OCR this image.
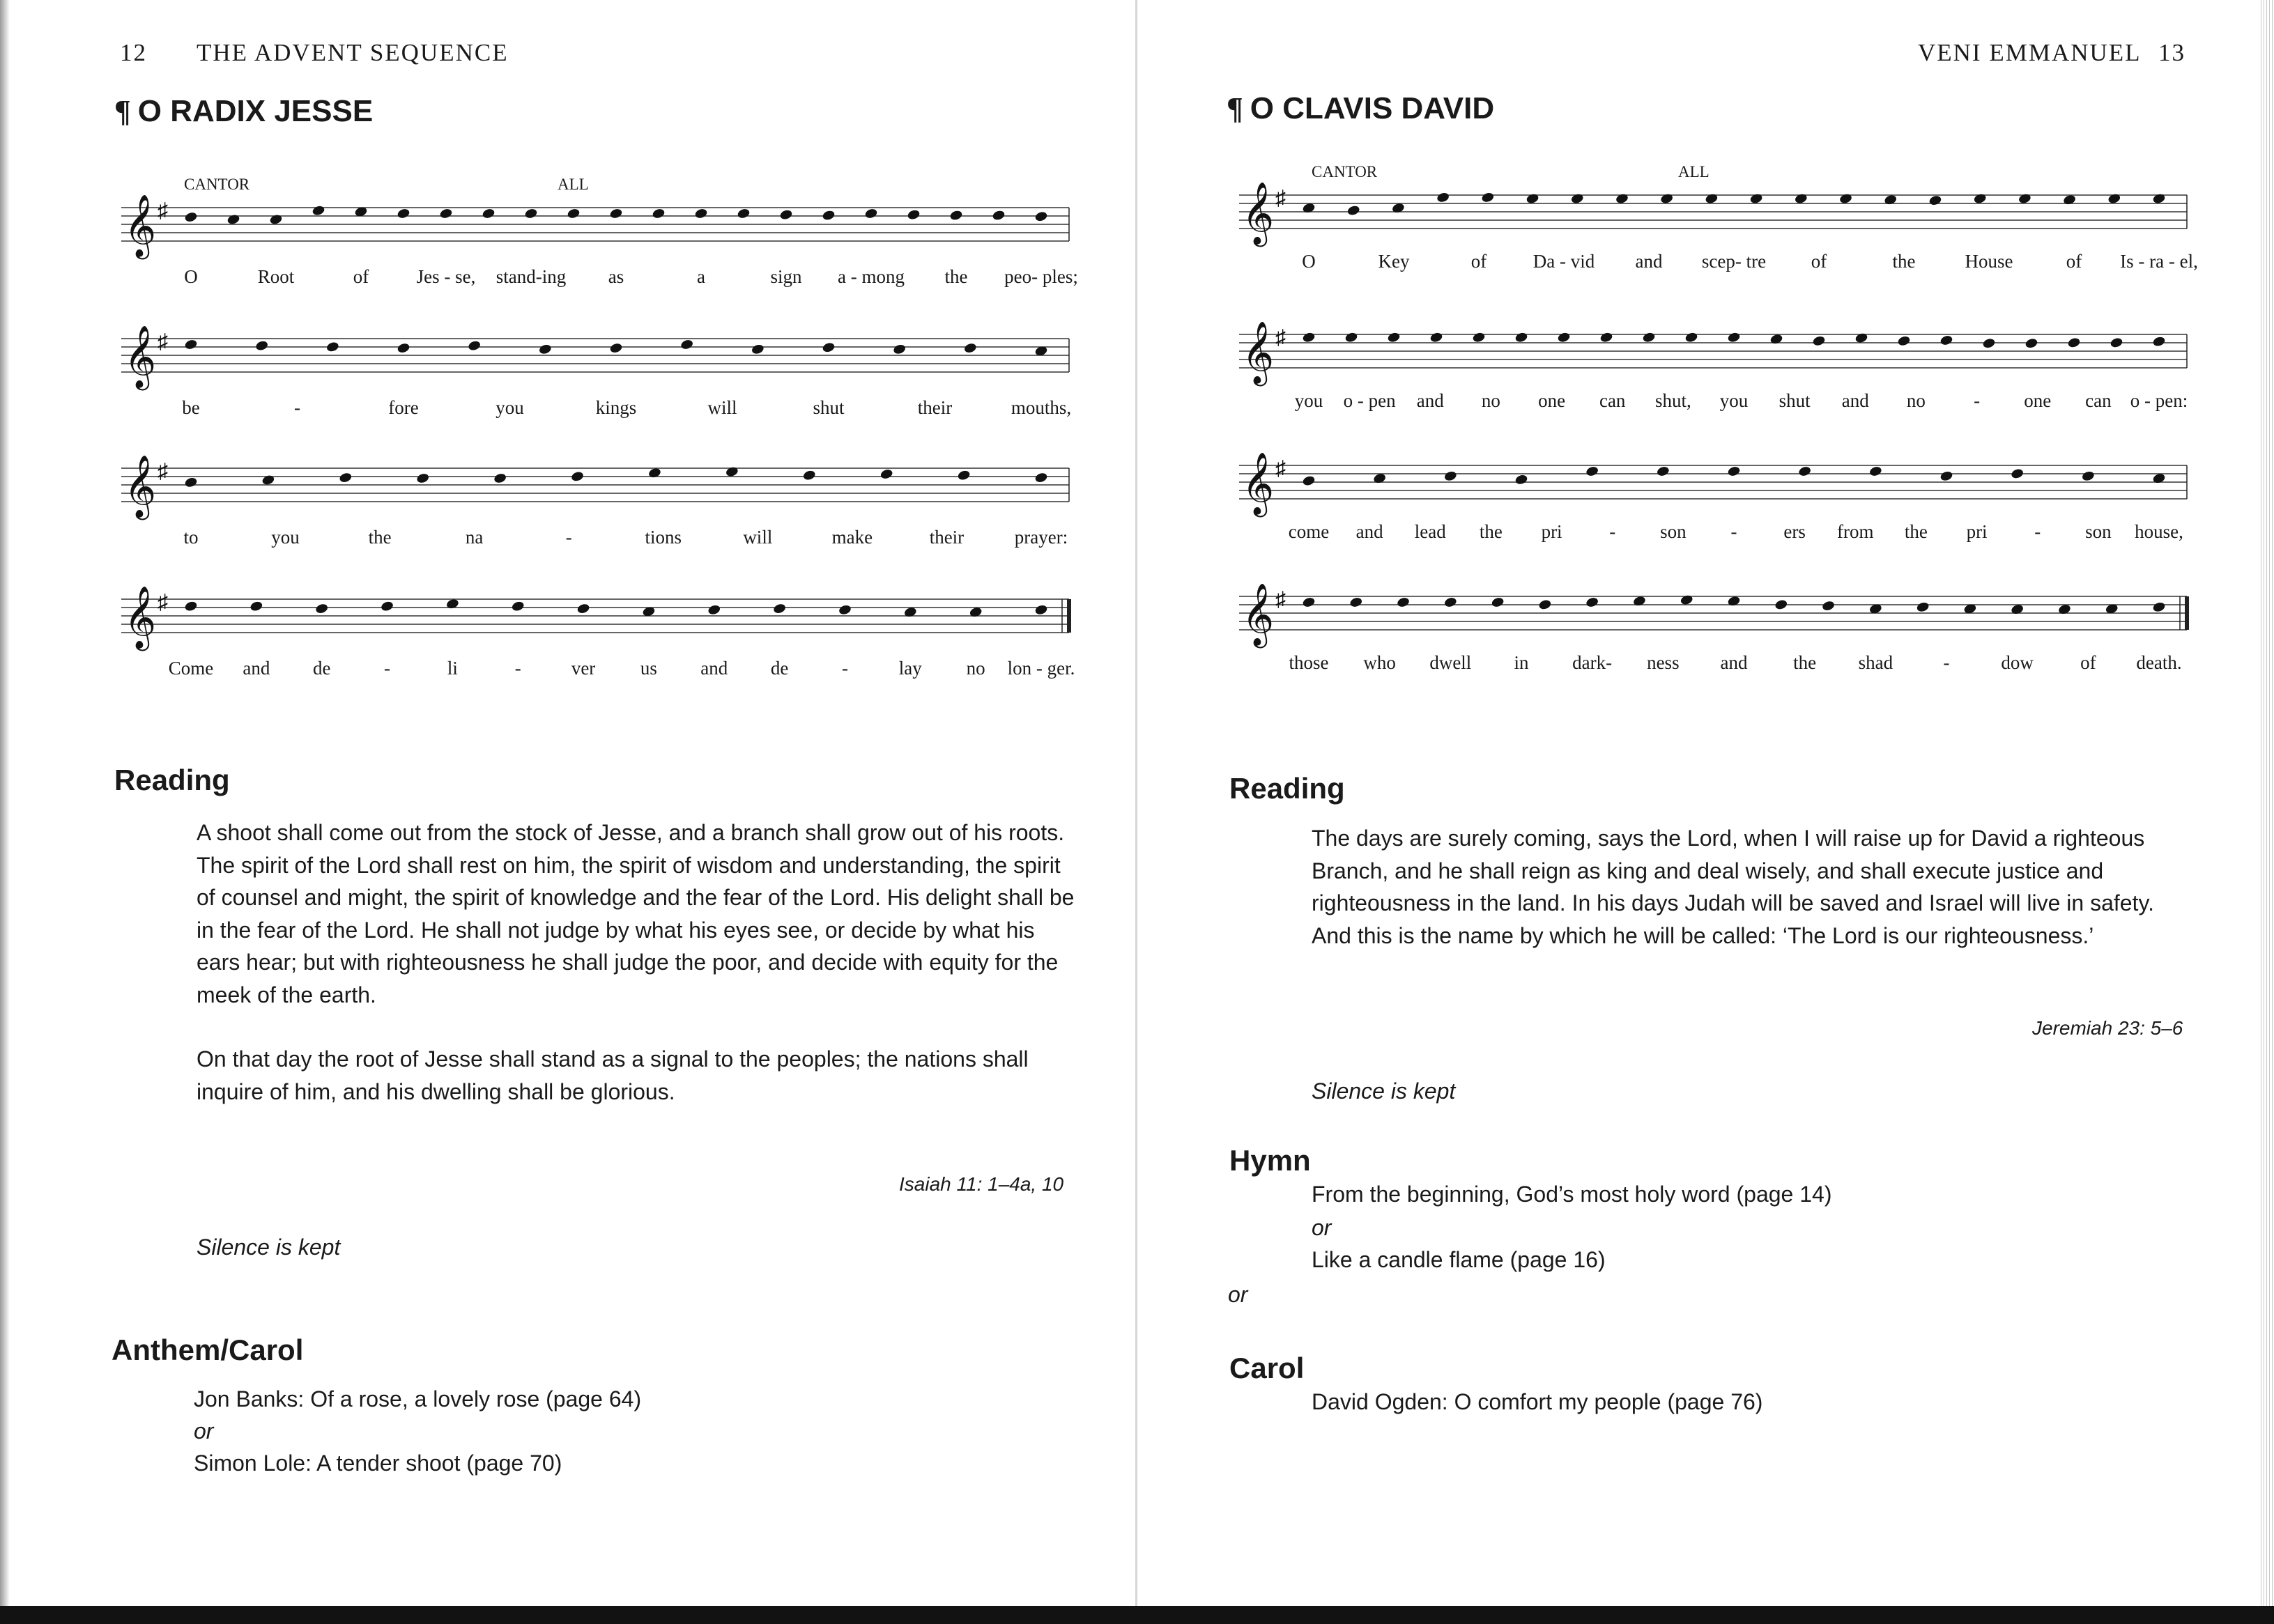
12 THE ADVENT SEQUENCE
¶ O RADIX JESSE
𝄞 ♯
O	Root	of	Jes - se, stand-ing as	a	sign a - mong the peo- ples;
𝄞 ♯
be	-	fore	you	kings	will	shut	their	mouths,
𝄞 ♯
to	you	the	na	-	tions	will	make	their	prayer:
𝄞 ♯
Come and de	-	li	-	ver us and de	-	lay no lon - ger.
CANTOR	ALL
Reading

A shoot shall come out from the stock of Jesse, and a branch shall grow out of his roots. The spirit of the Lord shall rest on him, the spirit of wisdom and understanding, the spirit of counsel and might, the spirit of knowledge and the fear of the Lord. His delight shall be in the fear of the Lord. He shall not judge by what his eyes see, or decide by what his ears hear; but with righteousness he shall judge the poor, and decide with equity for the meek of the earth.

On that day the root of Jesse shall stand as a signal to the peoples; the nations shall inquire of him, and his dwelling shall be glorious.

Isaiah 11: 1–4a, 10
Silence is kept
Anthem/Carol
Jon Banks: Of a rose, a lovely rose (page 64)
or
Simon Lole: A tender shoot (page 70)
VENI EMMANUEL 13
¶ O CLAVIS DAVID
𝄞 ♯
O	Key	of Da - vid and scep- tre of	the	House	of Is - ra - el,
𝄞 ♯
you o - pen and no one can shut, you shut and no	- one can o - pen:
𝄞 ♯
come and lead the pri	- son - ers from the pri	- son house,
𝄞 ♯
those who dwell in dark- ness and the shad	-	dow of death.
CANTOR	ALL
Reading

The days are surely coming, says the Lord, when I will raise up for David a righteous Branch, and he shall reign as king and deal wisely, and shall execute justice and righteousness in the land. In his days Judah will be saved and Israel will live in safety. And this is the name by which he will be called: ‘The Lord is our righteousness.’

Jeremiah 23: 5–6
Silence is kept
Hymn
From the beginning, God’s most holy word (page 14)
or
Like a candle flame (page 16)
or
Carol
David Ogden: O comfort my people (page 76)
